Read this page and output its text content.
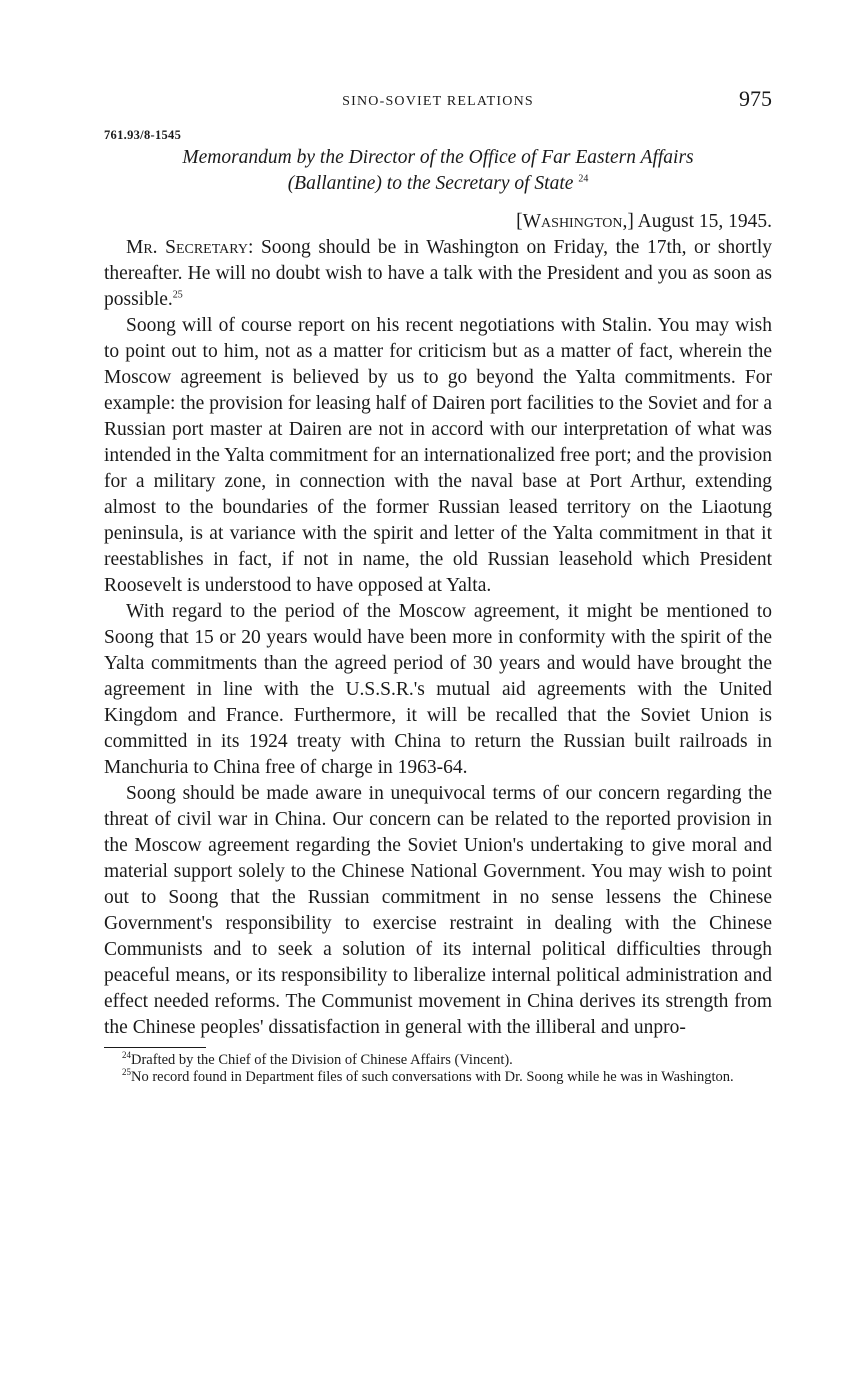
SINO-SOVIET RELATIONS	975
761.93/8-1545
Memorandum by the Director of the Office of Far Eastern Affairs
(Ballantine) to the Secretary of State $^{24}$
[Washington,] August 15, 1945.

Mr. Secretary: Soong should be in Washington on Friday, the 17th, or shortly thereafter. He will no doubt wish to have a talk with the President and you as soon as possible.$^{25}$

Soong will of course report on his recent negotiations with Stalin. You may wish to point out to him, not as a matter for criticism but as a matter of fact, wherein the Moscow agreement is believed by us to go beyond the Yalta commitments. For example: the provision for leasing half of Dairen port facilities to the Soviet and for a Russian port master at Dairen are not in accord with our interpretation of what was intended in the Yalta commitment for an internationalized free port; and the provision for a military zone, in connection with the naval base at Port Arthur, extending almost to the boundaries of the former Russian leased territory on the Liaotung peninsula, is at variance with the spirit and letter of the Yalta commitment in that it reestablishes in fact, if not in name, the old Russian leasehold which President Roosevelt is understood to have opposed at Yalta.

With regard to the period of the Moscow agreement, it might be mentioned to Soong that 15 or 20 years would have been more in conformity with the spirit of the Yalta commitments than the agreed period of 30 years and would have brought the agreement in line with the U.S.S.R.'s mutual aid agreements with the United Kingdom and France. Furthermore, it will be recalled that the Soviet Union is committed in its 1924 treaty with China to return the Russian built railroads in Manchuria to China free of charge in 1963-64.

Soong should be made aware in unequivocal terms of our concern regarding the threat of civil war in China. Our concern can be related to the reported provision in the Moscow agreement regarding the Soviet Union's undertaking to give moral and material support solely to the Chinese National Government. You may wish to point out to Soong that the Russian commitment in no sense lessens the Chinese Government's responsibility to exercise restraint in dealing with the Chinese Communists and to seek a solution of its internal political difficulties through peaceful means, or its responsibility to liberalize internal political administration and effect needed reforms. The Communist movement in China derives its strength from the Chinese peoples' dissatisfaction in general with the illiberal and unpro-

$^{24}$Drafted by the Chief of the Division of Chinese Affairs (Vincent).

$^{25}$No record found in Department files of such conversations with Dr. Soong while he was in Washington.
